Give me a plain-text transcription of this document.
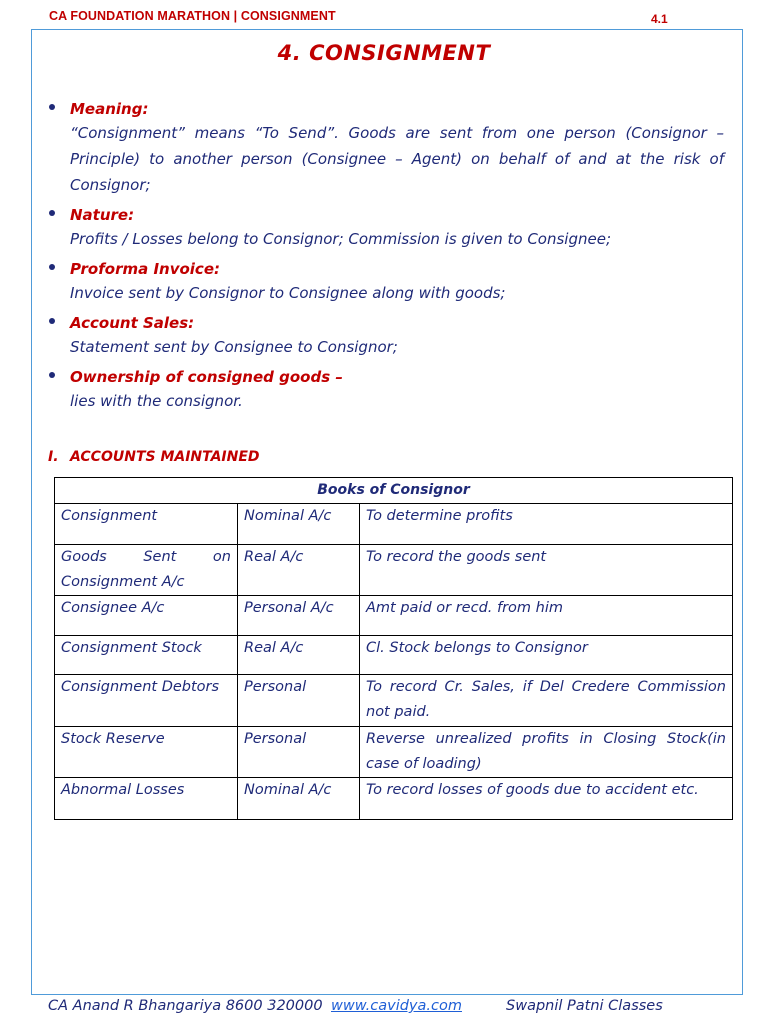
CA FOUNDATION MARATHON | CONSIGNMENT	4.1
4. CONSIGNMENT
Meaning:
“Consignment” means “To Send”. Goods are sent from one person (Consignor – Principle) to another person (Consignee – Agent) on behalf of and at the risk of Consignor;
Nature:
Profits / Losses belong to Consignor; Commission is given to Consignee;
Proforma Invoice:
Invoice sent by Consignor to Consignee along with goods;
Account Sales:
Statement sent by Consignee to Consignor;
Ownership of consigned goods –
lies with the consignor.
I. ACCOUNTS MAINTAINED
Books of Consignor		
Consignment	Nominal A/c	To determine profits

Goods Sent on
Consignment A/c	Real A/c	To record the goods sent
Consignee A/c	Personal A/c	Amt paid or recd. from him
Consignment Stock	Real A/c	Cl. Stock belongs to Consignor
Consignment Debtors	Personal	To record Cr. Sales, if Del Credere Commission not paid.
Stock Reserve	Personal	Reverse unrealized profits in Closing Stock(in case of loading)
Abnormal Losses	Nominal A/c	To record losses of goods due to accident etc.
CA Anand R Bhangariya 8600 320000 www.cavidya.com	Swapnil Patni Classes
